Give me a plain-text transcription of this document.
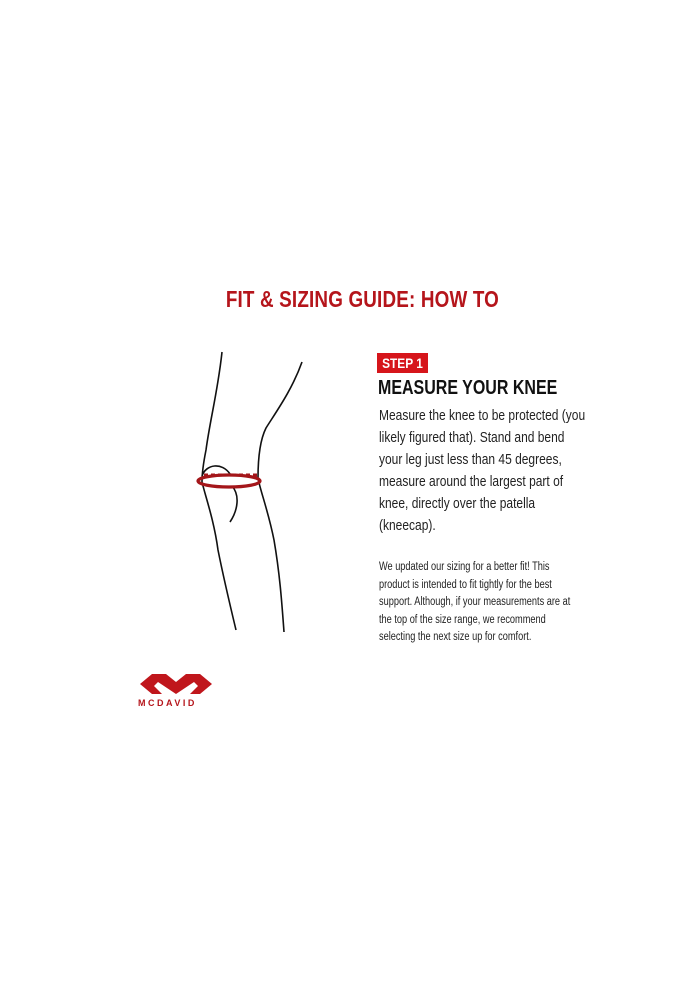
FIT & SIZING GUIDE: HOW TO
STEP 1
MEASURE YOUR KNEE
Measure the knee to be protected (you likely figured that). Stand and bend your leg just less than 45 degrees, measure around the largest part of knee, directly over the patella (kneecap).
We updated our sizing for a better fit! This product is intended to fit tightly for the best support. Although, if your measurements are at the top of the size range, we recommend selecting the next size up for comfort.
MCDAVID
